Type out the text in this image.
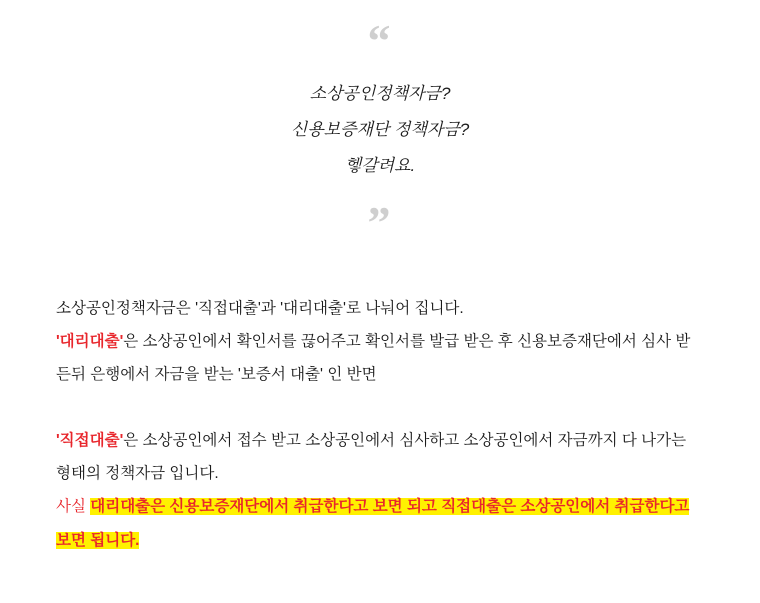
“
소상공인정책자금?
신용보증재단 정책자금?
헿갈려요.
”

소상공인정책자금은 '직접대출'과 '대리대출'로 나눠어 집니다.

'대리대출'은 소상공인에서 확인서를 끊어주고 확인서를 발급 받은 후 신용보증재단에서 심사 받든뒤 은행에서 자금을 받는 '보증서 대출' 인 반면

'직접대출'은 소상공인에서 접수 받고 소상공인에서 심사하고 소상공인에서 자금까지 다 나가는 형태의 정책자금 입니다.

사실 대리대출은 신용보증재단에서 취급한다고 보면 되고 직접대출은 소상공인에서 취급한다고 보면 됩니다.
